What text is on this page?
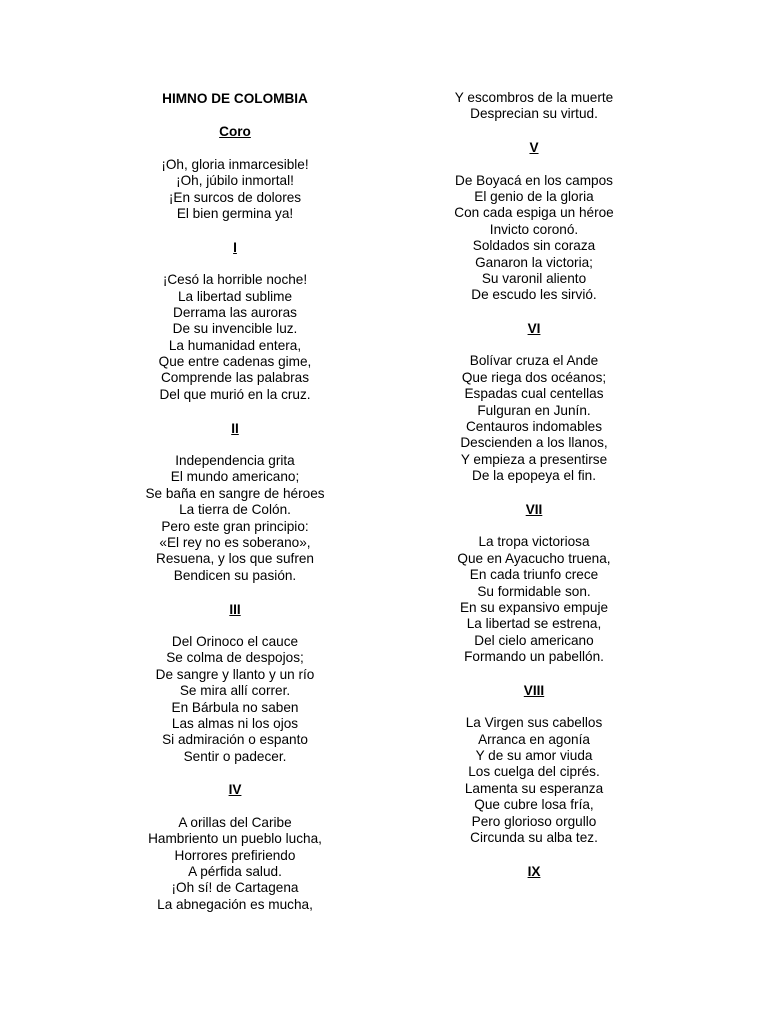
HIMNO DE COLOMBIA

Coro

¡Oh, gloria inmarcesible!

¡Oh, júbilo inmortal!

¡En surcos de dolores

El bien germina ya!

I

¡Cesó la horrible noche!

La libertad sublime

Derrama las auroras

De su invencible luz.

La humanidad entera,

Que entre cadenas gime,

Comprende las palabras

Del que murió en la cruz.

II

Independencia grita

El mundo americano;

Se baña en sangre de héroes

La tierra de Colón.

Pero este gran principio:

«El rey no es soberano»,

Resuena, y los que sufren

Bendicen su pasión.

III

Del Orinoco el cauce

Se colma de despojos;

De sangre y llanto y un río

Se mira allí correr.

En Bárbula no saben

Las almas ni los ojos

Si admiración o espanto

Sentir o padecer.

IV

A orillas del Caribe

Hambriento un pueblo lucha,

Horrores prefiriendo

A pérfida salud.

¡Oh sí! de Cartagena

La abnegación es mucha,

Y escombros de la muerte

Desprecian su virtud.

V

De Boyacá en los campos

El genio de la gloria

Con cada espiga un héroe

Invicto coronó.

Soldados sin coraza

Ganaron la victoria;

Su varonil aliento

De escudo les sirvió.

VI

Bolívar cruza el Ande

Que riega dos océanos;

Espadas cual centellas

Fulguran en Junín.

Centauros indomables

Descienden a los llanos,

Y empieza a presentirse

De la epopeya el fin.

VII

La tropa victoriosa

Que en Ayacucho truena,

En cada triunfo crece

Su formidable son.

En su expansivo empuje

La libertad se estrena,

Del cielo americano

Formando un pabellón.

VIII

La Virgen sus cabellos

Arranca en agonía

Y de su amor viuda

Los cuelga del ciprés.

Lamenta su esperanza

Que cubre losa fría,

Pero glorioso orgullo

Circunda su alba tez.

IX
